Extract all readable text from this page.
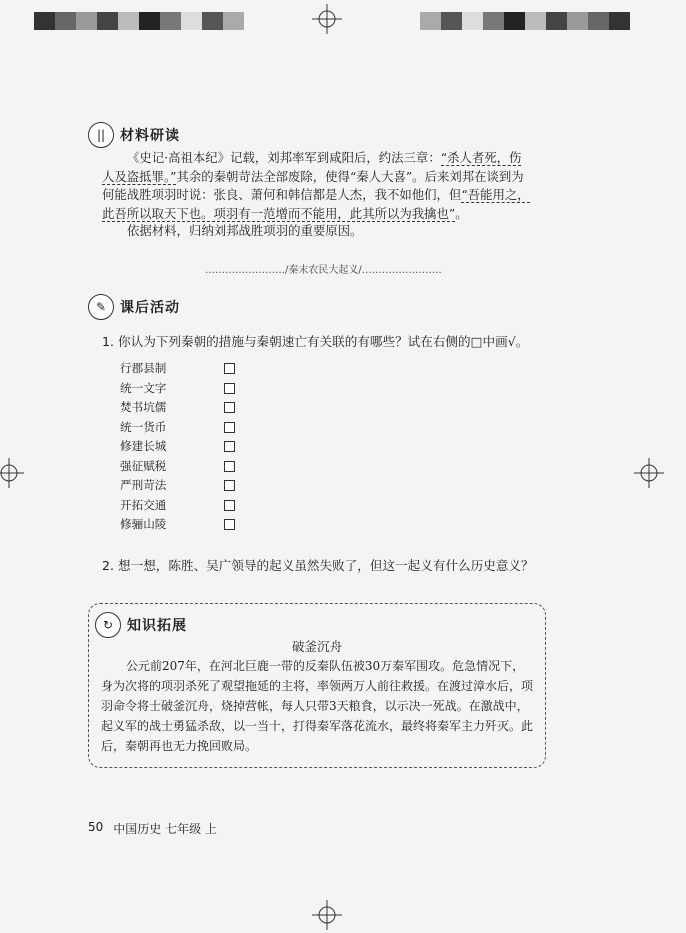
||	材料研读
《史记·高祖本纪》记载，刘邦率军到咸阳后，约法三章：“杀人者死，伤人及盗抵罪。”其余的秦朝苛法全部废除，使得“秦人大喜”。后来刘邦在谈到为何能战胜项羽时说：张良、萧何和韩信都是人杰，我不如他们，但“吾能用之，此吾所以取天下也。项羽有一范增而不能用，此其所以为我擒也”。
依据材料，归纳刘邦战胜项羽的重要原因。
……………………/秦末农民大起义/……………………
✎ 课后活动
1. 你认为下列秦朝的措施与秦朝速亡有关联的有哪些？试在右侧的□中画√。
行郡县制
统一文字
焚书坑儒
统一货币
修建长城
强征赋税
严刑苛法
开拓交通
修骊山陵
2. 想一想，陈胜、吴广领导的起义虽然失败了，但这一起义有什么历史意义？
↻ 知识拓展
破釜沉舟
公元前207年，在河北巨鹿一带的反秦队伍被30万秦军围攻。危急情况下，身为次将的项羽杀死了观望拖延的主将，率领两万人前往救援。在渡过漳水后，项羽命令将士破釜沉舟，烧掉营帐，每人只带3天粮食，以示决一死战。在激战中，起义军的战士勇猛杀敌，以一当十，打得秦军落花流水，最终将秦军主力歼灭。此后，秦朝再也无力挽回败局。
50 中国历史 七年级 上
